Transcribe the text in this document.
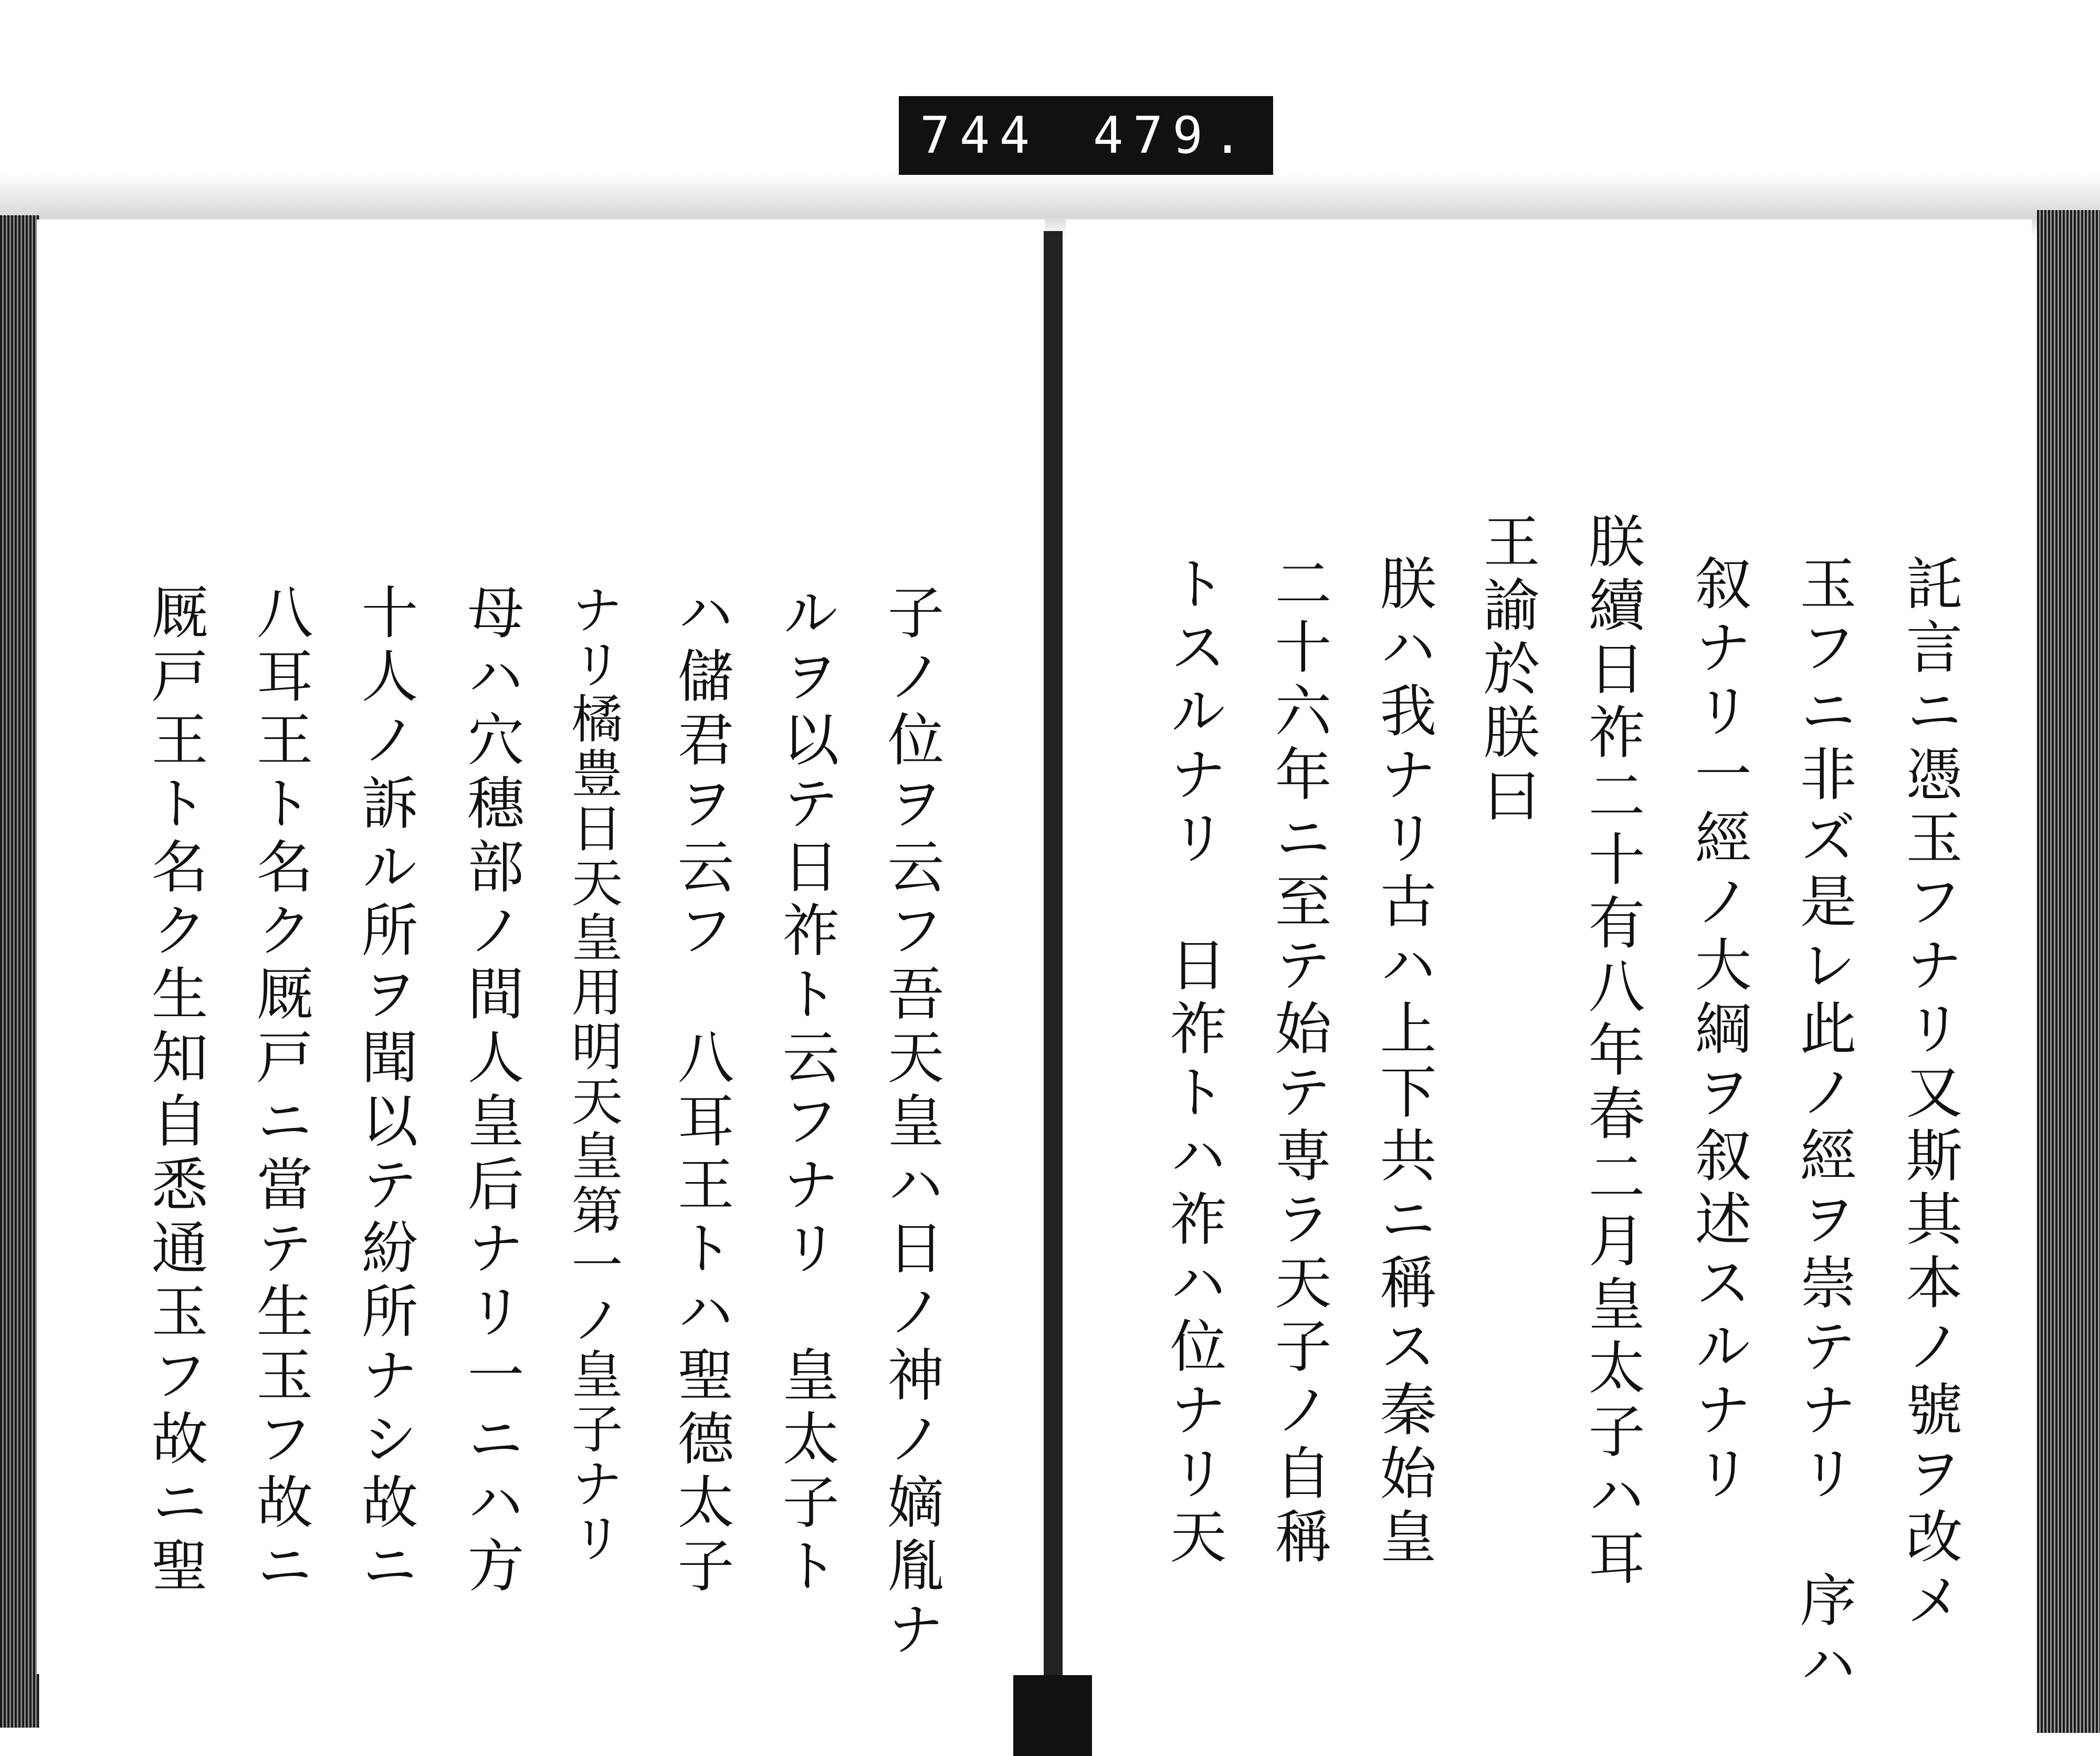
744 479.
託言ニ憑玉フナリ又斯其本ノ號ヲ改メ
玉フニ非ズ是レ此ノ經ヲ崇テナリ　序ハ
叙ナリ一經ノ大綱ヲ叙述スルナリ
朕續日祚二十有八年春二月皇太子ハ耳
王諭於朕曰
朕ハ我ナリ古ハ上下共ニ稱ス秦始皇
二十六年ニ至テ始テ専ラ天子ノ自稱
トスルナリ　日祚トハ祚ハ位ナリ天
子ノ位ヲ云フ吾天皇ハ日ノ神ノ嫡胤ナ
ルヲ以テ日祚ト云フナリ　皇太子ト
ハ儲君ヲ云フ　八耳王トハ聖德太子
ナリ橘豊日天皇用明天皇第一ノ皇子ナリ
母ハ穴穗部ノ間人皇后ナリ一ニハ方
十人ノ訴ル所ヲ聞以テ紛所ナシ故ニ
八耳王ト名ク厩戸ニ當テ生玉フ故ニ
厩戸王ト名ク生知自悉通玉フ故ニ聖
